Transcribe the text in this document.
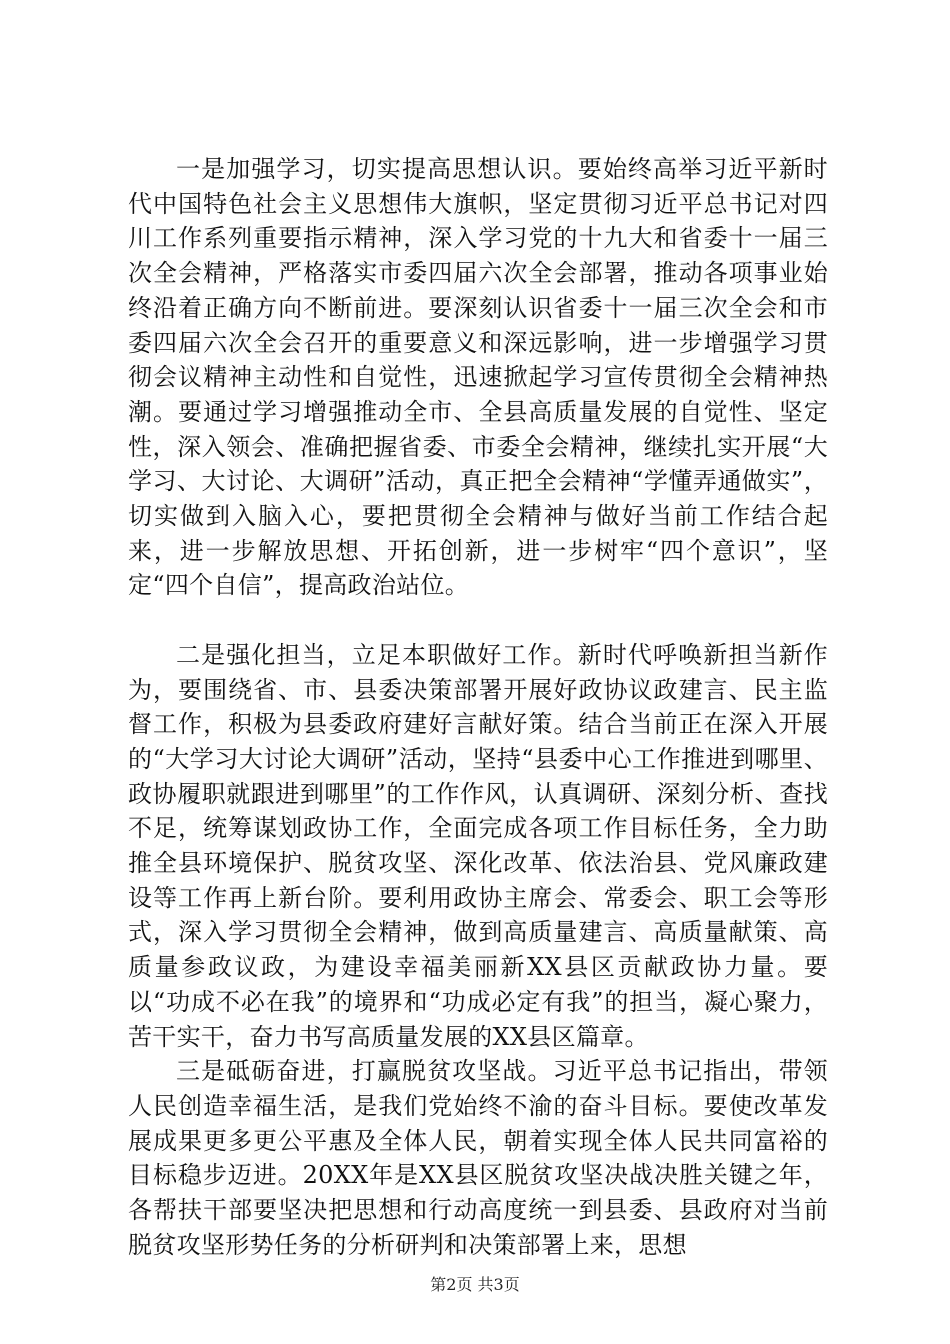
一是加强学习，切实提高思想认识。要始终高举习近平新时代中国特色社会主义思想伟大旗帜，坚定贯彻习近平总书记对四川工作系列重要指示精神，深入学习党的十九大和省委十一届三次全会精神，严格落实市委四届六次全会部署，推动各项事业始终沿着正确方向不断前进。要深刻认识省委十一届三次全会和市委四届六次全会召开的重要意义和深远影响，进一步增强学习贯彻会议精神主动性和自觉性，迅速掀起学习宣传贯彻全会精神热潮。要通过学习增强推动全市、全县高质量发展的自觉性、坚定性，深入领会、准确把握省委、市委全会精神，继续扎实开展“大学习、大讨论、大调研”活动，真正把全会精神“学懂弄通做实”，切实做到入脑入心，要把贯彻全会精神与做好当前工作结合起来，进一步解放思想、开拓创新，进一步树牢“四个意识”，坚定“四个自信”，提高政治站位。

二是强化担当，立足本职做好工作。新时代呼唤新担当新作为，要围绕省、市、县委决策部署开展好政协议政建言、民主监督工作，积极为县委政府建好言献好策。结合当前正在深入开展的“大学习大讨论大调研”活动，坚持“县委中心工作推进到哪里、政协履职就跟进到哪里”的工作作风，认真调研、深刻分析、查找不足，统筹谋划政协工作，全面完成各项工作目标任务，全力助推全县环境保护、脱贫攻坚、深化改革、依法治县、党风廉政建设等工作再上新台阶。要利用政协主席会、常委会、职工会等形式，深入学习贯彻全会精神，做到高质量建言、高质量献策、高质量参政议政，为建设幸福美丽新XX县区贡献政协力量。要以“功成不必在我”的境界和“功成必定有我”的担当，凝心聚力，苦干实干，奋力书写高质量发展的XX县区篇章。

三是砥砺奋进，打赢脱贫攻坚战。习近平总书记指出，带领人民创造幸福生活，是我们党始终不渝的奋斗目标。要使改革发展成果更多更公平惠及全体人民，朝着实现全体人民共同富裕的目标稳步迈进。20XX年是XX县区脱贫攻坚决战决胜关键之年，各帮扶干部要坚决把思想和行动高度统一到县委、县政府对当前脱贫攻坚形势任务的分析研判和决策部署上来，思想

第2页 共3页
